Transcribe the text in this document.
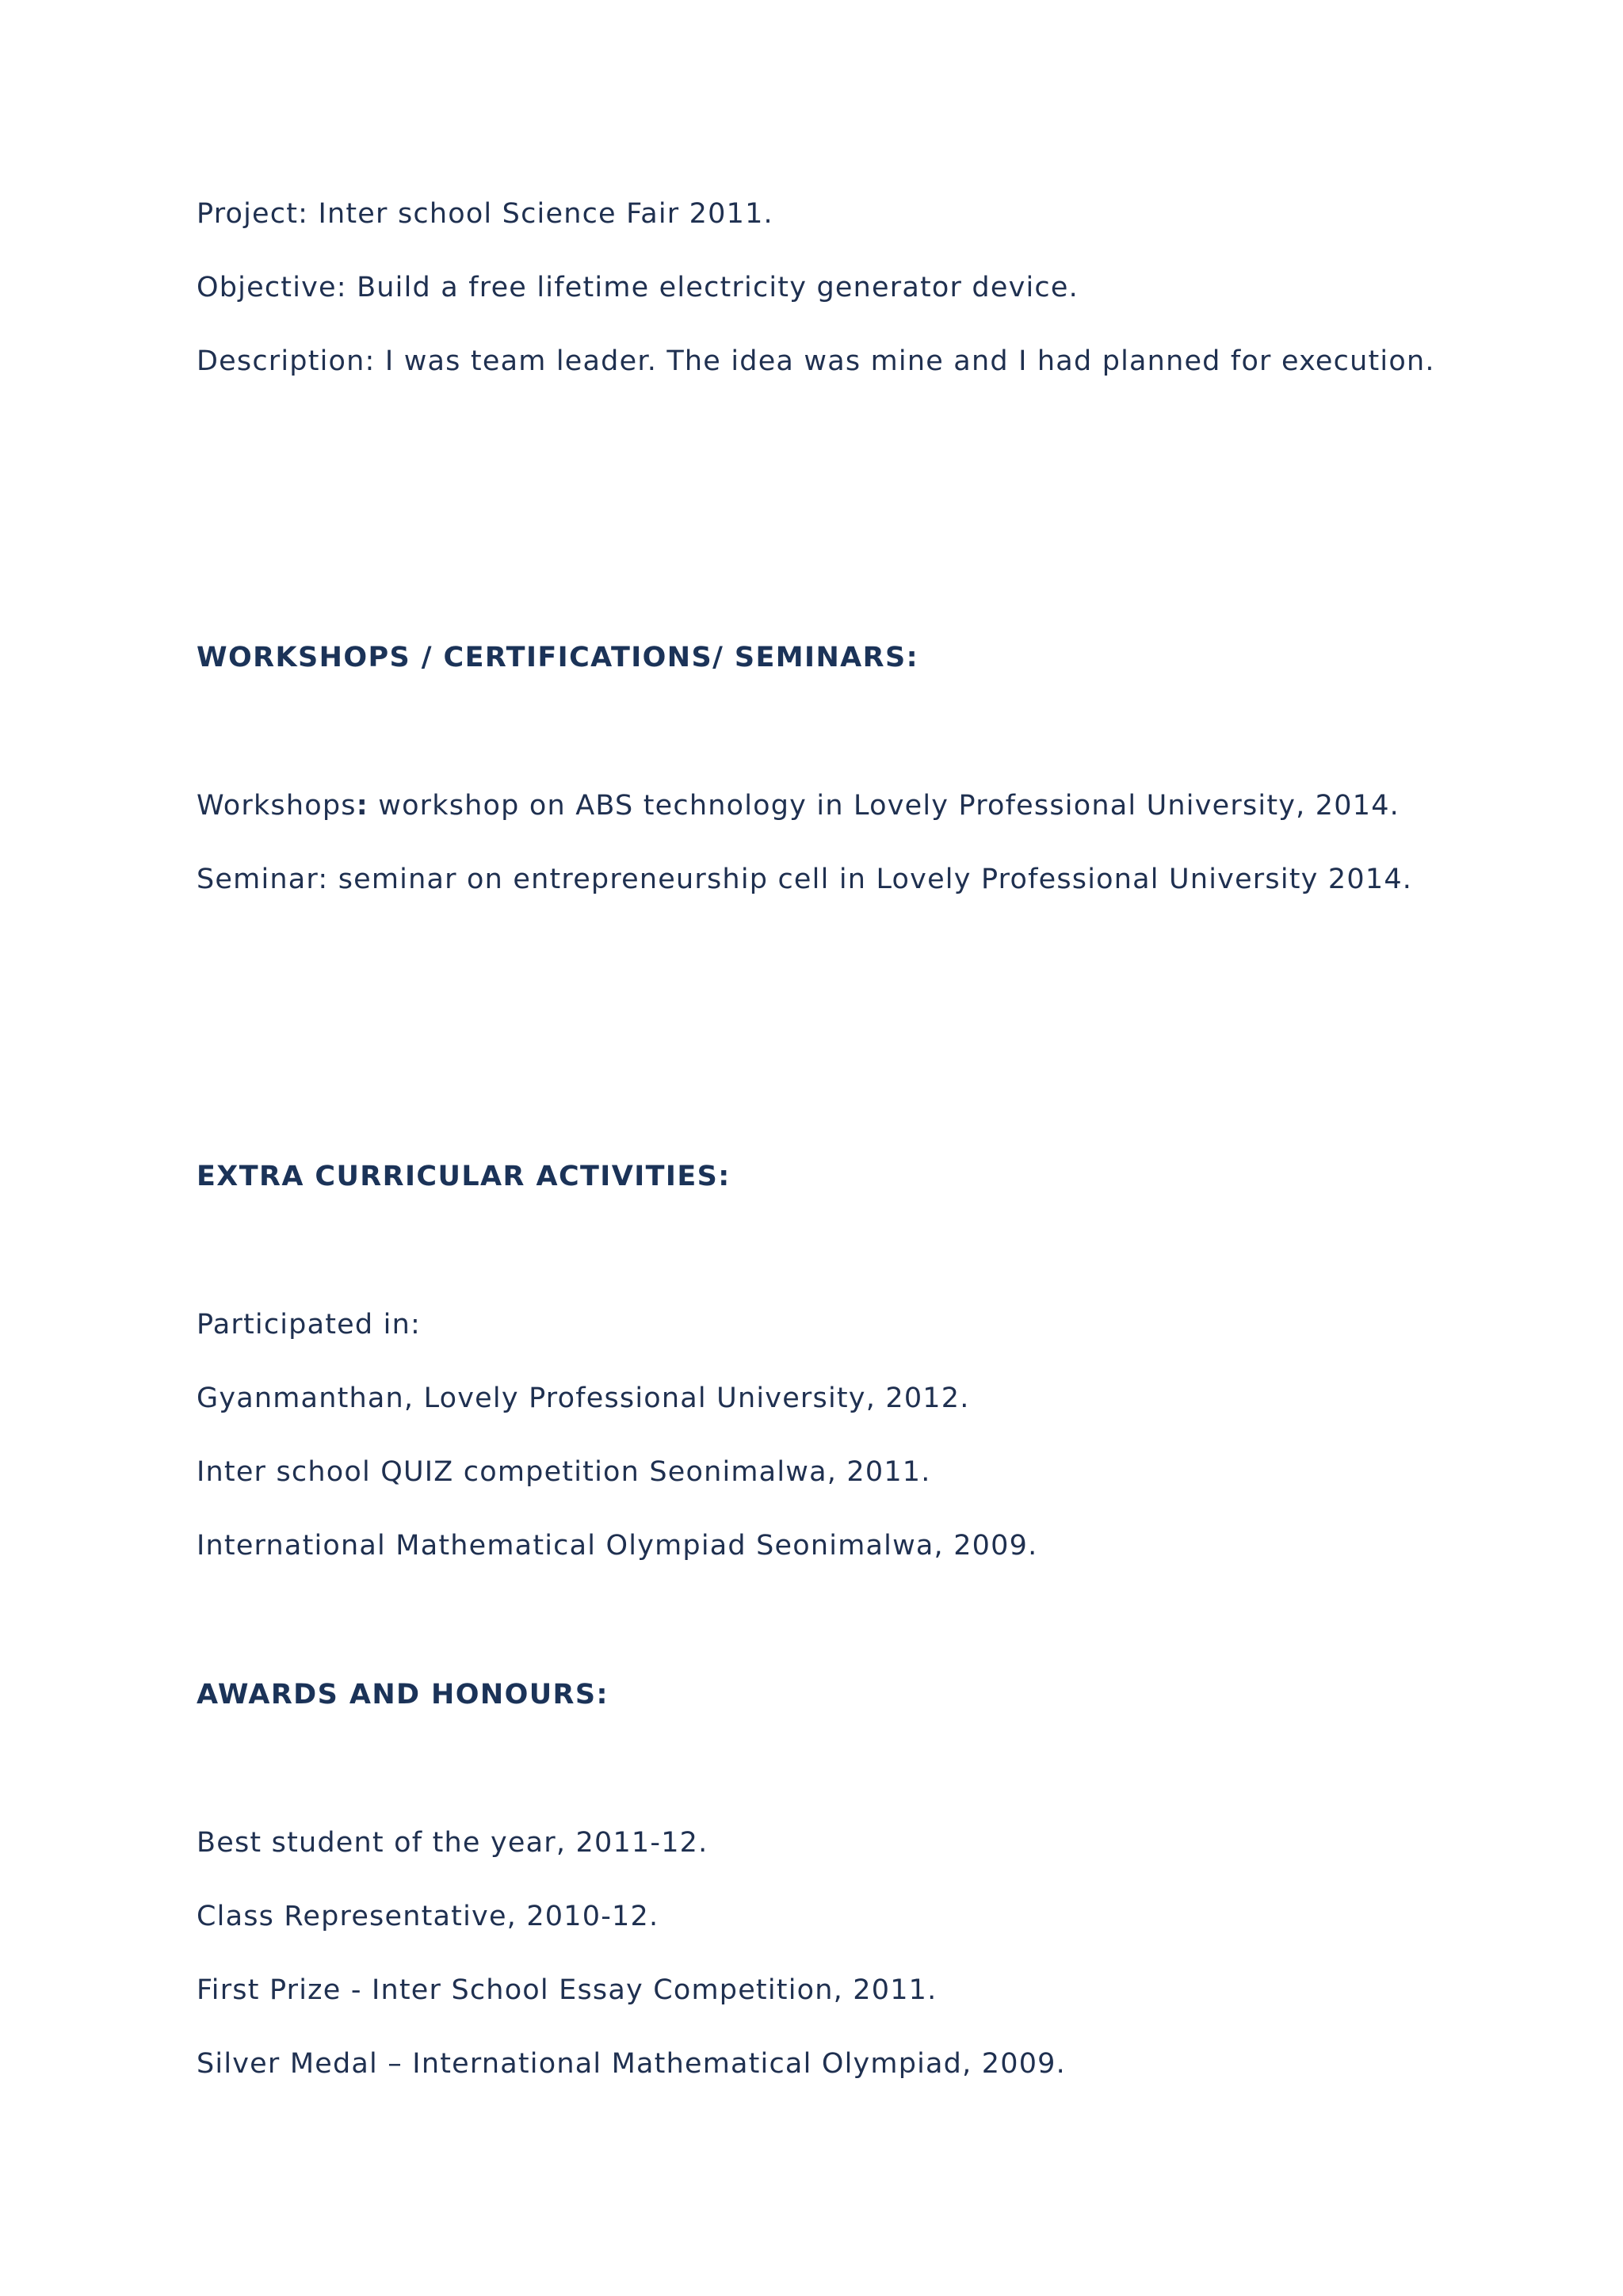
Project: Inter school Science Fair 2011.
Objective: Build a free lifetime electricity generator device.
Description: I was team leader. The idea was mine and I had planned for execution.
WORKSHOPS / CERTIFICATIONS/ SEMINARS:
Workshops: workshop on ABS technology in Lovely Professional University, 2014.
Seminar: seminar on entrepreneurship cell in Lovely Professional University 2014.
EXTRA CURRICULAR ACTIVITIES:
Participated in:
Gyanmanthan, Lovely Professional University, 2012.
Inter school QUIZ competition Seonimalwa, 2011.
International Mathematical Olympiad Seonimalwa, 2009.
AWARDS AND HONOURS:
Best student of the year, 2011-12.
Class Representative, 2010-12.
First Prize - Inter School Essay Competition, 2011.
Silver Medal – International Mathematical Olympiad, 2009.
